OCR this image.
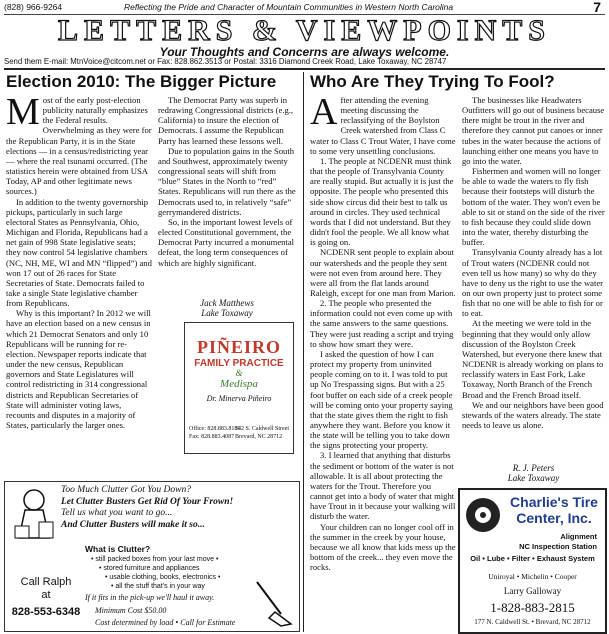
(828) 966-9264	Reflecting the Pride and Character of Mountain Communities in Western North Carolina	7
LETTERS & VIEWPOINTS
Your Thoughts and Concerns are always welcome.
Send them E-mail: MtnVoice@citcom.net or Fax: 828.862.3513 or Postal: 3316 Diamond Creek Road, Lake Toxaway, NC 28747
Election 2010: The Bigger Picture
M ost of the early post-election publicity naturally emphasizes the Federal results. Overwhelming as they were for the Republican Party, it is in the State elections — in a census/redistricting year — where the real tsunami occurred. (The statistics herein were obtained from USA Today, AP and other legitimate news sources.)

In addition to the twenty governorship pickups, particularly in such large electoral States as Pennsylvania, Ohio, Michigan and Florida, Republicans had a net gain of 998 State legislative seats; they now control 54 legislative chambers (NC, NH, ME, WI and MN “flipped”) and won 17 out of 26 races for State Secretaries of State. Democrats failed to take a single State legislative chamber from Republicans.

Why is this important? In 2012 we will have an election based on a new census in which 21 Democrat Senators and only 10 Republicans will be running for re-election. Newspaper reports indicate that under the new census, Republican governors and State Legislatures will control redistricting in 314 congressional districts and Republican Secretaries of State will administer voting laws, recounts and disputes in a majority of States, particularly the larger ones.

The Democrat Party was superb in redrawing Congressional districts (e.g., California) to insure the election of Democrats. I assume the Republican Party has learned these lessons well.

Due to population gains in the South and Southwest, approximately twenty congressional seats will shift from “blue” States in the North to “red” States. Republicans will run there as the Democrats used to, in relatively “safe” gerrymandered districts.

So, in the important lowest levels of elected Constitutional government, the Democrat Party incurred a monumental defeat, the long term consequences of which are highly significant.

Jack Matthews
Lake Toxaway
PIÑEIRO
FAMILY PRACTICE
&
Medispa
Dr. Minerva Piñeiro
Office: 828.883.8181
Fax: 828.883.4087
342 S. Caldwell Street
Brevard, NC 28712
Too Much Clutter Got You Down?
Let Clutter Busters Get Rid Of Your Frown!
Tell us what you want to go...
And Clutter Busters will make it so...
What is Clutter?
• still packed boxes from your last move •
• stored furniture and appliances
• usable clothing, books, electronics •
• all the stuff that's in your way
Call Ralph
at
828-553-6348
If it fits in the pick-up we'll haul it away.
Minimum Cost $50.00
Cost determined by load • Call for Estimate
Who Are They Trying To Fool?
A fter attending the evening meeting discussing the reclassifying of the Boylston Creek watershed from Class C water to Class C Trout Water, I have come to some very unsettling conclusions.

1. The people at NCDENR must think that the people of Transylvania County are really stupid. But actually it is just the opposite. The people who presented this side show circus did their best to talk us around in circles. They used technical words that I did not understand. But they didn't fool the people. We all know what is going on.

NCDENR sent people to explain about our watersheds and the people they sent were not even from around here. They were all from the flat lands around Raleigh, except for one man from Marion.

2. The people who presented the information could not even come up with the same answers to the same questions. They were just reading a script and trying to show how smart they were.

I asked the question of how I can protect my property from uninvited people coming on to it. I was told to put up No Trespassing signs. But with a 25 foot buffer on each side of a creek people will be coming onto your property saying that the state gives them the right to fish anywhere they want. Before you know it the state will be telling you to take down the signs protecting your property.

3. I learned that anything that disturbs the sediment or bottom of the water is not allowable. It is all about protecting the waters for the Trout. Therefore you cannot get into a body of water that might have Trout in it because your walking will disturb the water.

Your children can no longer cool off in the summer in the creek by your house, because we all know that kids mess up the bottom of the creek... they even move the rocks.

The businesses like Headwaters Outfitters will go out of business because there might be trout in the river and therefore they cannot put canoes or inner tubes in the water because the actions of launching either one means you have to go into the water.

Fishermen and women will no longer be able to wade the waters to fly fish because their footsteps will disturb the bottom of the water. They won't even be able to sit or stand on the side of the river to fish because they could slide down into the water, thereby disturbing the buffer.

Transylvania County already has a lot of Trout waters (NCDENR could not even tell us how many) so why do they have to deny us the right to use the water on our own property just to protect some fish that no one will be able to fish for or to eat.

At the meeting we were told in the beginning that they would only allow discussion of the Boylston Creek Watershed, but everyone there knew that NCDENR is already working on plans to reclassify waters in East Fork, Lake Toxaway, North Branch of the French Broad and the French Broad itself.

We and our neighbors have been good stewards of the waters already. The state needs to leave us alone.

R. J. Peters
Lake Toxaway
Charlie's Tire
Center, Inc.
Alignment
NC Inspection Station
Oil • Lube • Filter • Exhaust System
Uniroyal • Michelin • Cooper
Larry Galloway
1-828-883-2815
177 N. Caldwell St. • Brevard, NC 28712
